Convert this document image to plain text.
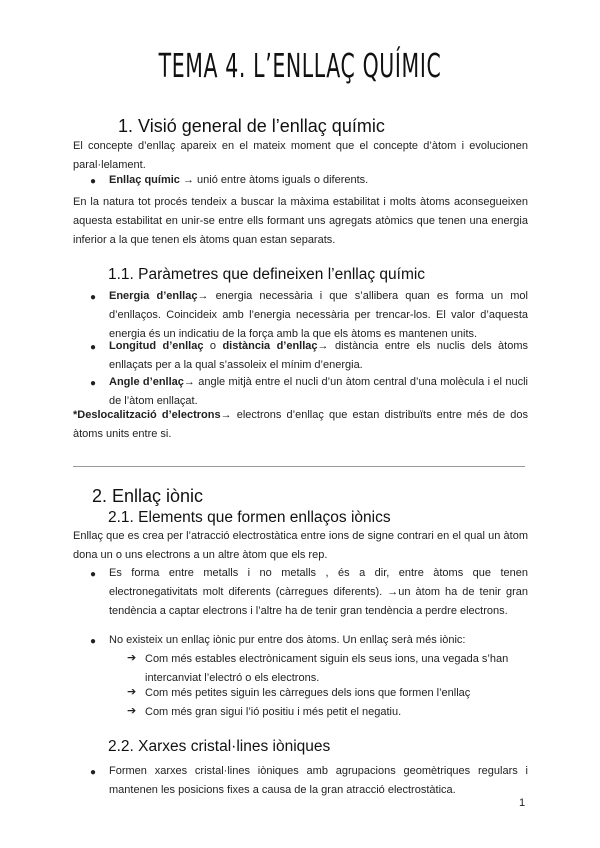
TEMA 4. L’ENLLAÇ QUÍMIC
1. Visió general de l’enllaç químic

El concepte d’enllaç apareix en el mateix moment que el concepte d’àtom i evolucionen paral·lelament.

● Enllaç químic → unió entre àtoms iguals o diferents.

En la natura tot procés tendeix a buscar la màxima estabilitat i molts àtoms aconsegueixen aquesta estabilitat en unir-se entre ells formant uns agregats atòmics que tenen una energia inferior a la que tenen els àtoms quan estan separats.

1.1. Paràmetres que defineixen l’enllaç químic
● Energia d’enllaç→ energia necessària i que s’allibera quan es forma un mol d’enllaços. Coincideix amb l’energia necessària per trencar-los. El valor d’aquesta energia és un indicatiu de la força amb la que els àtoms es mantenen units.

● Longitud d’enllaç o distància d’enllaç→ distància entre els nuclis dels àtoms enllaçats per a la qual s’assoleix el mínim d’energia.

● Angle d’enllaç→ angle mitjà entre el nucli d’un àtom central d’una molècula i el nucli de l’àtom enllaçat.

*Deslocalització d’electrons→ electrons d’enllaç que estan distribuïts entre més de dos àtoms units entre si.

2. Enllaç iònic
2.1. Elements que formen enllaços iònics

Enllaç que es crea per l’atracció electrostàtica entre ions de signe contrari en el qual un àtom dona un o uns electrons a un altre àtom que els rep.

● Es forma entre metalls i no metalls , és a dir, entre àtoms que tenen electronegativitats molt diferents (càrregues diferents). →un àtom ha de tenir gran tendència a captar electrons i l’altre ha de tenir gran tendència a perdre electrons.

● No existeix un enllaç iònic pur entre dos àtoms. Un enllaç serà més iònic:

➔ Com més estables electrònicament siguin els seus ions, una vegada s’han intercanviat l’electró o els electrons.

➔ Com més petites siguin les càrregues dels ions que formen l’enllaç

➔ Com més gran sigui l’ió positiu i més petit el negatiu.

2.2. Xarxes cristal·lines iòniques
● Formen xarxes cristal·lines iòniques amb agrupacions geomètriques regulars i mantenen les posicions fixes a causa de la gran atracció electrostàtica.

1
